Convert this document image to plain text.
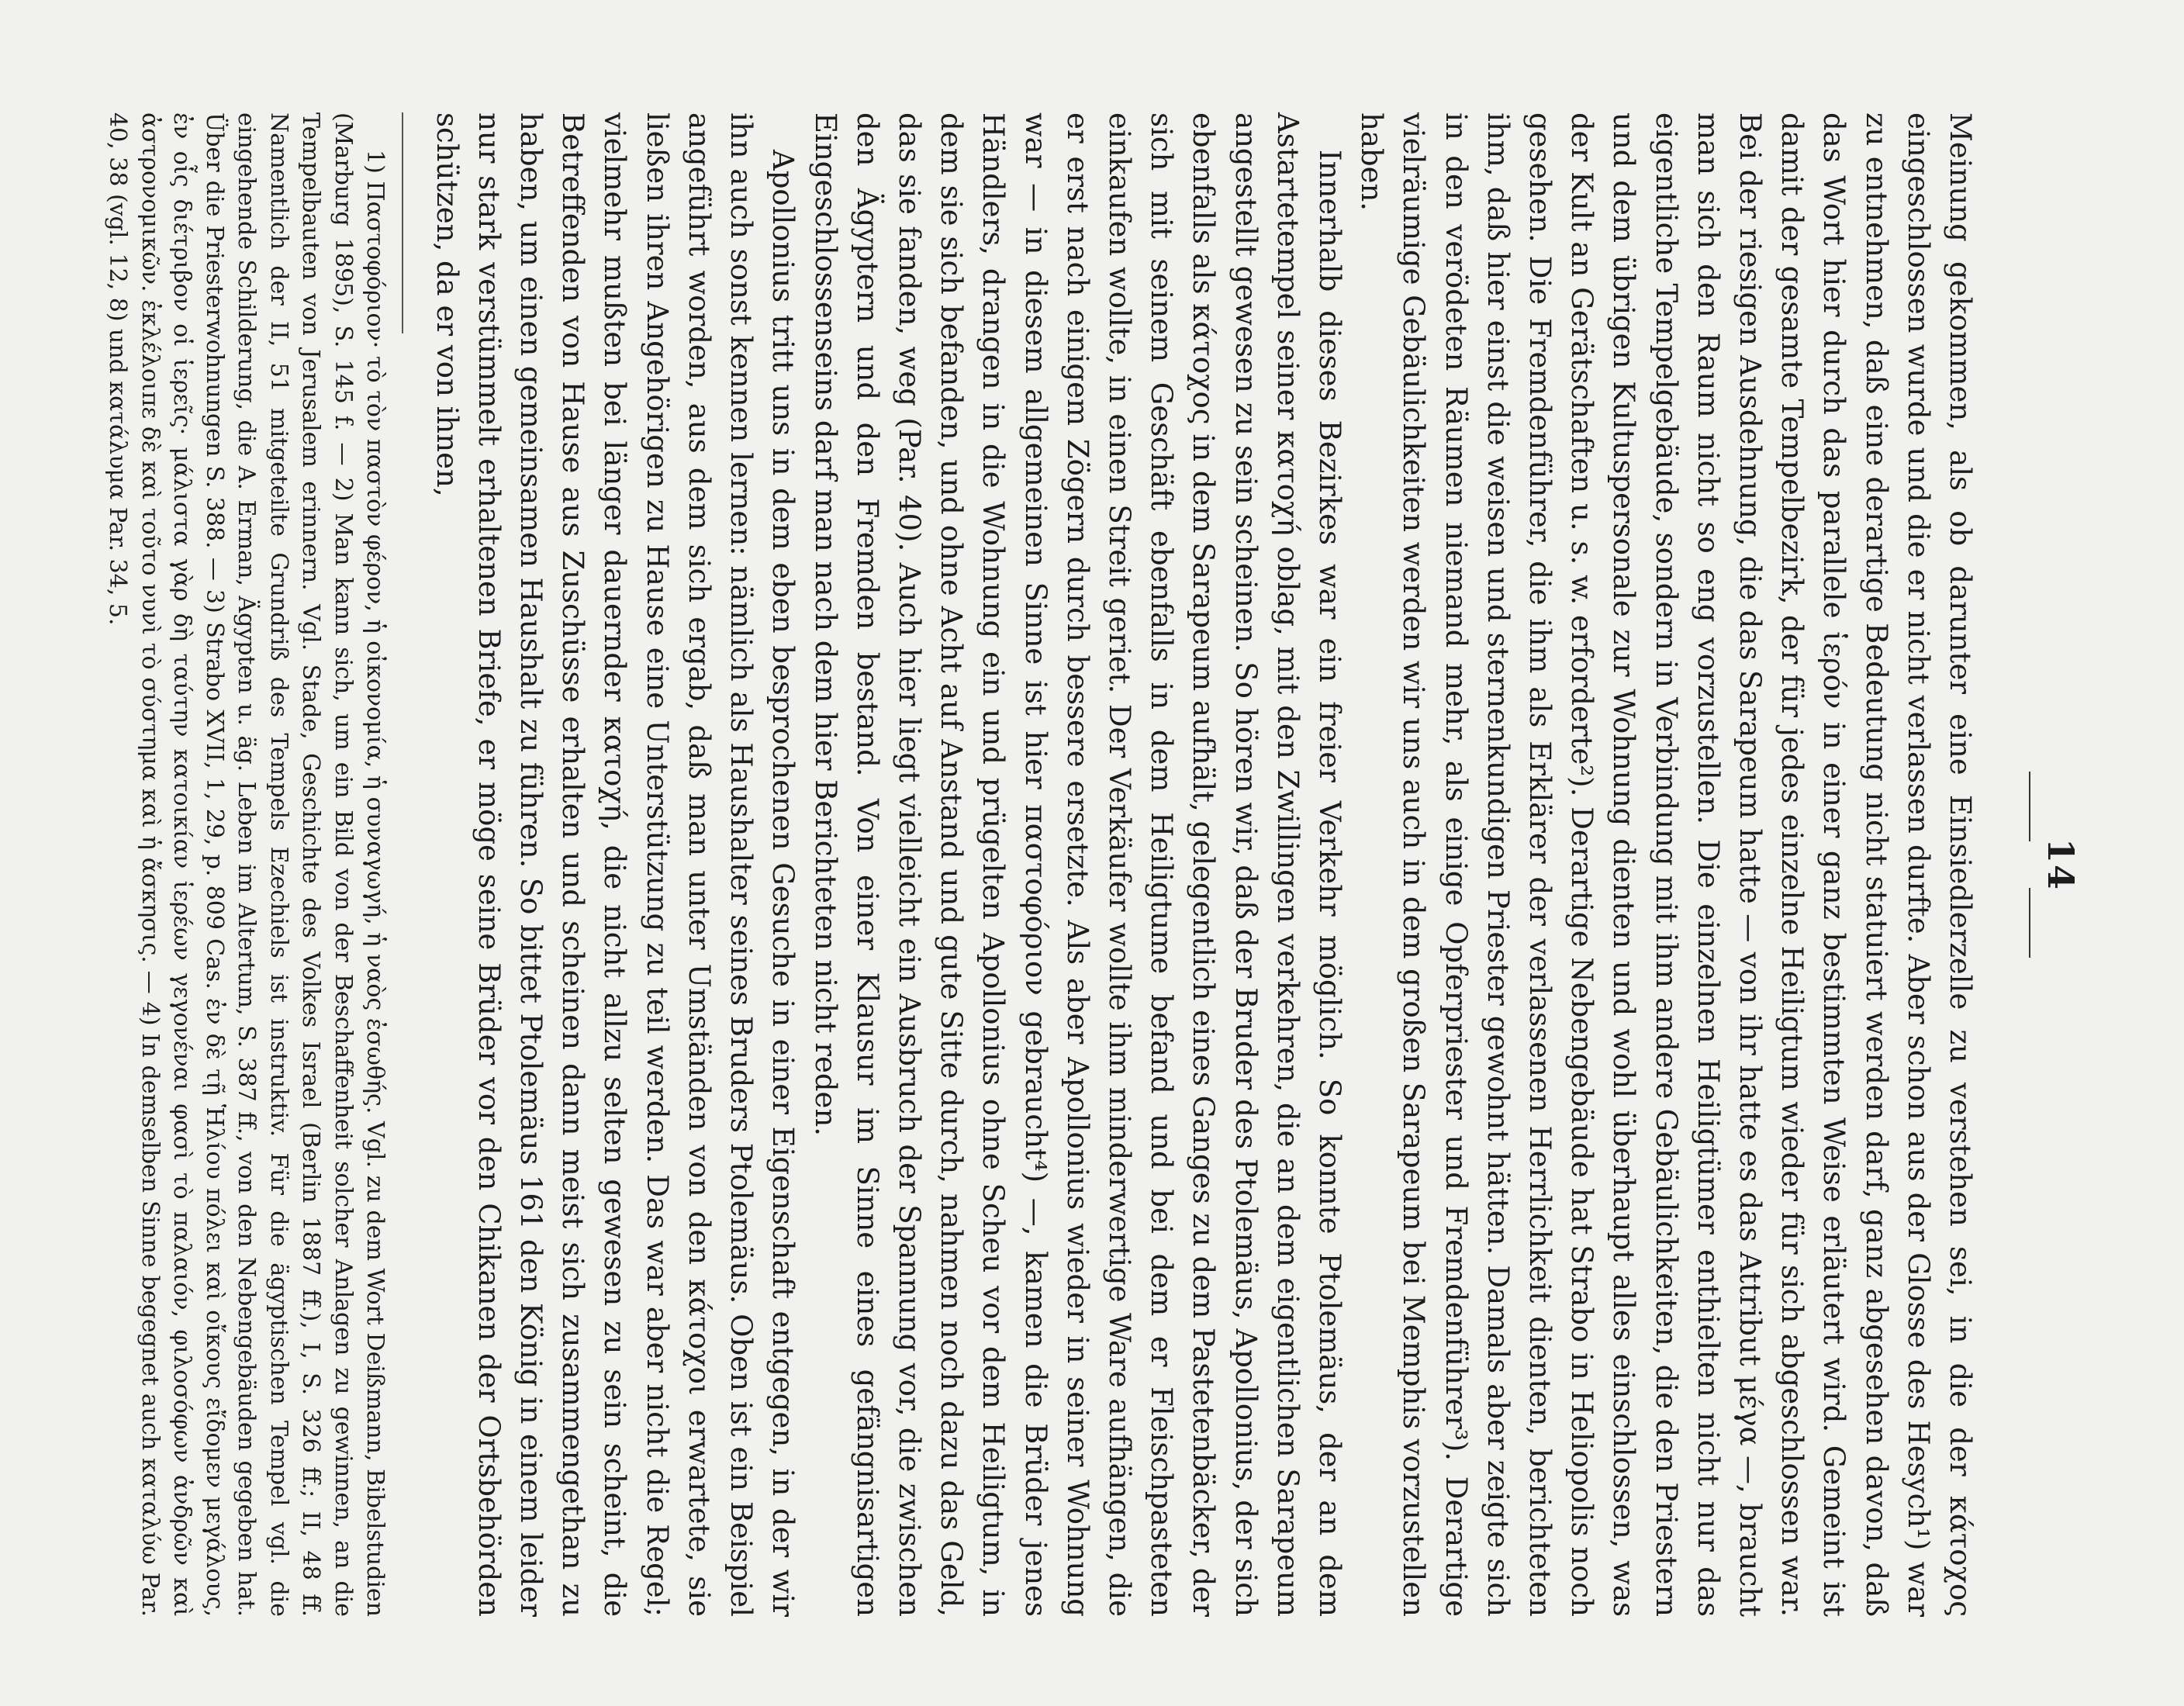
14

Meinung gekommen, als ob darunter eine Einsiedlerzelle zu verstehen sei, in die der κάτοχος eingeschlossen wurde und die er nicht verlassen durfte. Aber schon aus der Glosse des Hesych¹) war zu entnehmen, daß eine derartige Bedeutung nicht statuiert werden darf, ganz abgesehen davon, daß das Wort hier durch das parallele ἱερόν in einer ganz bestimmten Weise erläutert wird. Gemeint ist damit der gesamte Tempelbezirk, der für jedes einzelne Heiligtum wieder für sich abgeschlossen war. Bei der riesigen Ausdehnung, die das Sarapeum hatte — von ihr hatte es das Attribut μέγα —, braucht man sich den Raum nicht so eng vorzustellen. Die einzelnen Heiligtümer enthielten nicht nur das eigentliche Tempelgebäude, sondern in Verbindung mit ihm andere Gebäulichkeiten, die den Priestern und dem übrigen Kultuspersonale zur Wohnung dienten und wohl überhaupt alles einschlossen, was der Kult an Gerätschaften u. s. w. erforderte²). Derartige Nebengebäude hat Strabo in Heliopolis noch gesehen. Die Fremdenführer, die ihm als Erklärer der verlassenen Herrlichkeit dienten, berichteten ihm, daß hier einst die weisen und sternenkundigen Priester gewohnt hätten. Damals aber zeigte sich in den verödeten Räumen niemand mehr, als einige Opferpriester und Fremdenführer³). Derartige vielräumige Gebäulichkeiten werden wir uns auch in dem großen Sarapeum bei Memphis vorzustellen haben.

Innerhalb dieses Bezirkes war ein freier Verkehr möglich. So konnte Ptolemäus, der an dem Astartetempel seiner κατοχή oblag, mit den Zwillingen verkehren, die an dem eigentlichen Sarapeum angestellt gewesen zu sein scheinen. So hören wir, daß der Bruder des Ptolemäus, Apollonius, der sich ebenfalls als κάτοχος in dem Sarapeum aufhält, gelegentlich eines Ganges zu dem Pastetenbäcker, der sich mit seinem Geschäft ebenfalls in dem Heiligtume befand und bei dem er Fleischpasteten einkaufen wollte, in einen Streit geriet. Der Verkäufer wollte ihm minderwertige Ware aufhängen, die er erst nach einigem Zögern durch bessere ersetzte. Als aber Apollonius wieder in seiner Wohnung war — in diesem allgemeinen Sinne ist hier παστοφόριον gebraucht⁴) —, kamen die Brüder jenes Händlers, drangen in die Wohnung ein und prügelten Apollonius ohne Scheu vor dem Heiligtum, in dem sie sich befanden, und ohne Acht auf Anstand und gute Sitte durch, nahmen noch dazu das Geld, das sie fanden, weg (Par. 40). Auch hier liegt vielleicht ein Ausbruch der Spannung vor, die zwischen den Ägyptern und den Fremden bestand. Von einer Klausur im Sinne eines gefängnisartigen Eingeschlossenseins darf man nach dem hier Berichteten nicht reden.

Apollonius tritt uns in dem eben besprochenen Gesuche in einer Eigenschaft entgegen, in der wir ihn auch sonst kennen lernen: nämlich als Haushalter seines Bruders Ptolemäus. Oben ist ein Beispiel angeführt worden, aus dem sich ergab, daß man unter Umständen von den κάτοχοι erwartete, sie ließen ihren Angehörigen zu Hause eine Unterstützung zu teil werden. Das war aber nicht die Regel; vielmehr mußten bei länger dauernder κατοχή, die nicht allzu selten gewesen zu sein scheint, die Betreffenden von Hause aus Zuschüsse erhalten und scheinen dann meist sich zusammengethan zu haben, um einen gemeinsamen Haushalt zu führen. So bittet Ptolemäus 161 den König in einem leider nur stark verstümmelt erhaltenen Briefe, er möge seine Brüder vor den Chikanen der Ortsbehörden schützen, da er von ihnen,

1) Παστοφόριον· τὸ τὸν παστὸν φέρον, ἡ οἰκονομία, ἡ συναγωγή, ἡ ναὸς ἐσωθής. Vgl. zu dem Wort Deißmann, Bibelstudien (Marburg 1895), S. 145 f. — 2) Man kann sich, um ein Bild von der Beschaffenheit solcher Anlagen zu gewinnen, an die Tempelbauten von Jerusalem erinnern. Vgl. Stade, Geschichte des Volkes Israel (Berlin 1887 ff.), I, S. 326 ff.; II, 48 ff. Namentlich der II, 51 mitgeteilte Grundriß des Tempels Ezechiels ist instruktiv. Für die ägyptischen Tempel vgl. die eingehende Schilderung, die A. Erman, Ägypten u. äg. Leben im Altertum, S. 387 ff., von den Nebengebäuden gegeben hat. Über die Priesterwohnungen S. 388. — 3) Strabo XVII, 1, 29, p. 809 Cas. ἐν δὲ τῇ Ἡλίου πόλει καὶ οἴκους εἴδομεν μεγάλους, ἐν οἷς διέτριβον οἱ ἱερεῖς· μάλιστα γὰρ δὴ ταύτην κατοικίαν ἱερέων γεγονέναι φασὶ τὸ παλαιόν, φιλοσόφων ἀνδρῶν καὶ ἀστρονομικῶν. ἐκλέλοιπε δὲ καὶ τοῦτο νυνὶ τὸ σύστημα καὶ ἡ ἄσκησις. — 4) In demselben Sinne begegnet auch καταλύω Par. 40, 38 (vgl. 12, 8) und κατάλυμα Par. 34, 5.
